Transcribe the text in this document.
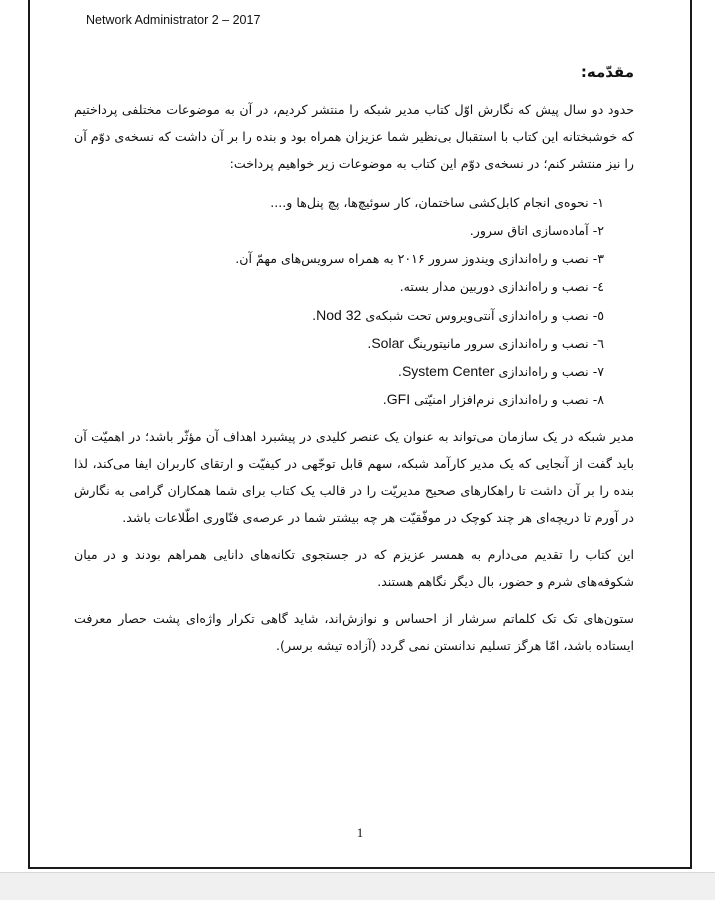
Network Administrator 2 – 2017
مقدّمه:

حدود دو سال پیش که نگارش اوّل کتاب مدیر شبکه را منتشر کردیم، در آن به موضوعات مختلفی پرداختیم که خوشبختانه این کتاب با استقبال بی‌نظیر شما عزیزان همراه بود و بنده را بر آن داشت که نسخه‌ی دوّم آن را نیز منتشر کنم؛ در نسخه‌ی دوّم این کتاب به موضوعات زیر خواهیم پرداخت:

۱- نحوه‌ی انجام کابل‌کشی ساختمان، کار سوئیچ‌ها، پچ پنل‌ها و....
۲- آماده‌سازی اتاق سرور.
۳- نصب و راه‌اندازی ویندوز سرور ۲۰۱۶ به همراه سرویس‌های مهمّ آن.
٤- نصب و راه‌اندازی دوربین مدار بسته.
٥- نصب و راه‌اندازی آنتی‌ویروس تحت شبکه‌ی Nod 32.
٦- نصب و راه‌اندازی سرور مانیتورینگ Solar.
٧- نصب و راه‌اندازی System Center.
٨- نصب و راه‌اندازی نرم‌افزار امنیّتی GFI.

مدیر شبکه در یک سازمان می‌تواند به عنوان یک عنصر کلیدی در پیشبرد اهداف آن مؤثّر باشد؛ در اهمیّت آن باید گفت از آنجایی که یک مدیر کارآمد شبکه، سهم قابل توجّهی در کیفیّت و ارتقای کاربران ایفا می‌کند، لذا بنده را بر آن داشت تا راهکارهای صحیح مدیریّت را در قالب یک کتاب برای شما همکاران گرامی به نگارش در آورم تا دریچه‌ای هر چند کوچک در موفّقیّت هر چه بیشتر شما در عرصه‌ی فنّاوری اطّلاعات باشد.

این کتاب را تقدیم می‌دارم به همسر عزیزم که در جستجوی تکانه‌های دانایی همراهم بودند و در میان شکوفه‌های شرم و حضور، بال دیگر نگاهم هستند.

ستون‌های تک تک کلماتم سرشار از احساس و نوازش‌اند، شاید گاهی تکرار واژه‌ای پشت حصار معرفت ایستاده باشد، امّا هرگز تسلیم ندانستن نمی گردد (آزاده تیشه برسر).

1
